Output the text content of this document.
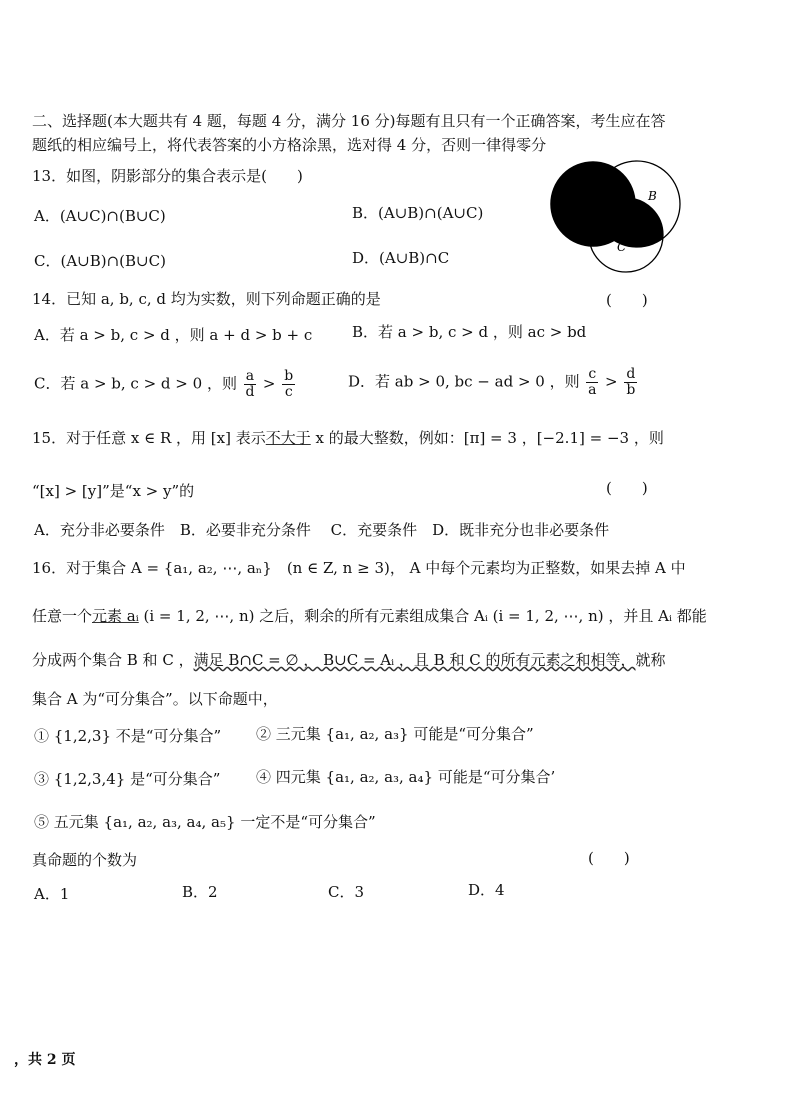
二、选择题(本大题共有 4 题，每题 4 分，满分 16 分)每题有且只有一个正确答案，考生应在答
题纸的相应编号上，将代表答案的小方格涂黑，选对得 4 分，否则一律得零分
13．如图，阴影部分的集合表示是(　　)
A．(A∪C)∩(B∪C)	B．(A∪B)∩(A∪C)
C．(A∪B)∩(B∪C)	D．(A∪B)∩C
B
C
14．已知 a, b, c, d 均为实数，则下列命题正确的是	(　　)
A．若 a > b, c > d ，则 a + d > b + c	B．若 a > b, c > d ，则 ac > bd
C．若 a > b, c > d > 0 ，则 $\frac{a}{d} > \frac{b}{c}$	D．若 ab > 0, bc − ad > 0 ，则 $\frac{c}{a} > \frac{d}{b}$
15．对于任意 x ∈ R ，用 [x] 表示不大于 x 的最大整数，例如：[π] = 3 ，[−2.1] = −3 ，则
“[x] > [y]”是“x > y”的	(　　)
A．充分非必要条件　B．必要非充分条件　 C．充要条件　D．既非充分也非必要条件
16．对于集合 A = {a₁, a₂, ⋯, aₙ}　(n ∈ Z, n ≥ 3)， A 中每个元素均为正整数，如果去掉 A 中
任意一个元素 aᵢ (i = 1, 2, ⋯, n) 之后，剩余的所有元素组成集合 Aᵢ (i = 1, 2, ⋯, n) ，并且 Aᵢ 都能
分成两个集合 B 和 C ，满足 B∩C = ∅ ， B∪C = Aᵢ ，且 B 和 C 的所有元素之和相等，就称
集合 A 为“可分集合”。以下命题中，
① {1,2,3} 不是“可分集合” ② 三元集 {a₁, a₂, a₃} 可能是“可分集合”
③ {1,2,3,4} 是“可分集合” ④ 四元集 {a₁, a₂, a₃, a₄} 可能是“可分集合’
⑤ 五元集 {a₁, a₂, a₃, a₄, a₅} 一定不是“可分集合”
真命题的个数为	(　　)
A．1	B．2	C．3	D．4
，共 2 页
